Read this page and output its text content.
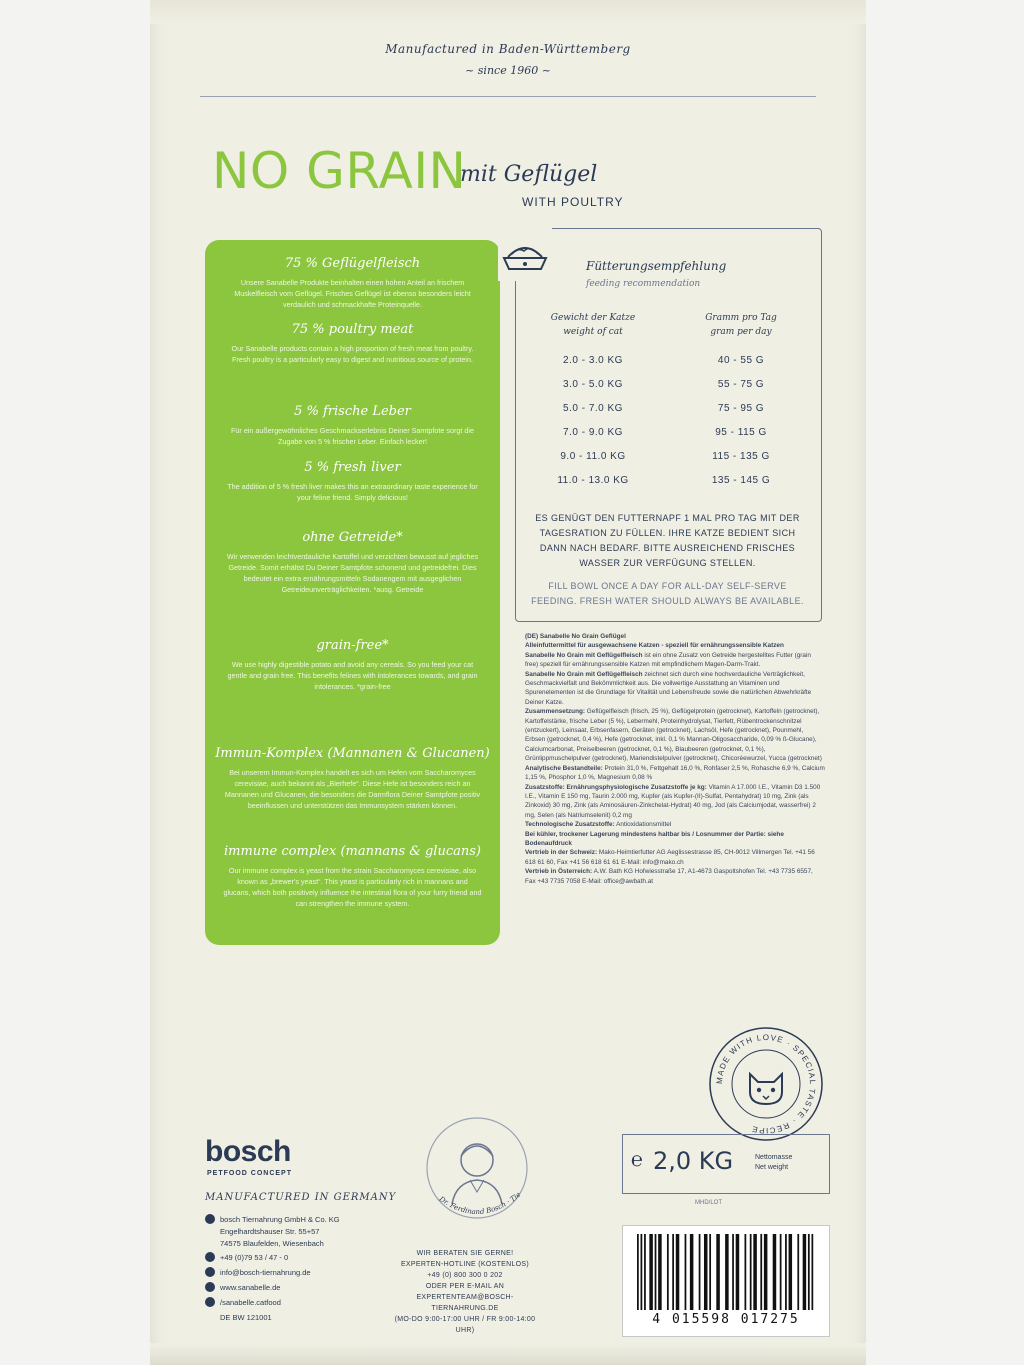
Manufactured in Baden-Württemberg
~ since 1960 ~
NO GRAIN
mit Geflügel
WITH POULTRY
75 % Geflügelfleisch
Unsere Sanabelle Produkte beinhalten einen hohen Anteil an frischem Muskelfleisch vom Geflügel. Frisches Geflügel ist ebenso besonders leicht verdaulich und schmackhafte Proteinquelle.
75 % poultry meat
Our Sanabelle products contain a high proportion of fresh meat from poultry. Fresh poultry is a particularly easy to digest and nutritious source of protein.
5 % frische Leber
Für ein außergewöhnliches Geschmackserlebnis Deiner Samtpfote sorgt die Zugabe von 5 % frischer Leber. Einfach lecker!
5 % fresh liver
The addition of 5 % fresh liver makes this an extraordinary taste experience for your feline friend. Simply delicious!
ohne Getreide*
Wir verwenden leichtverdauliche Kartoffel und verzichten bewusst auf jegliches Getreide. Somit erhältst Du Deiner Samtpfote schonend und getreidefrei. Dies bedeutet ein extra ernährungsmitteln Sodanengem mit ausgeglichen Getreideunverträglichkeiten. *ausg. Getreide
grain-free*
We use highly digestible potato and avoid any cereals. So you feed your cat gentle and grain free. This benefits felines with intolerances towards, and grain intolerances. *grain-free
Immun-Komplex (Mannanen & Glucanen)
Bei unserem Immun-Komplex handelt es sich um Hefen vom Saccharomyces cerevisiae, auch bekannt als „Bierhefe“. Diese Hefe ist besonders reich an Mannanen und Glucanen, die besonders die Darmflora Deiner Samtpfote positiv beeinflussen und unterstützen das Immunsystem stärken können.
immune complex (mannans & glucans)
Our immune complex is yeast from the strain Saccharomyces cerevisiae, also known as „brewer's yeast“. This yeast is particularly rich in mannans and glucans, which both positively influence the intestinal flora of your furry friend and can strengthen the immune system.
Fütterungsempfehlung
feeding recommendation
Gewicht der Katze
weight of cat
Gramm pro Tag
gram per day
2.0 - 3.0 KG	40 - 55 G
3.0 - 5.0 KG	55 - 75 G
5.0 - 7.0 KG	75 - 95 G
7.0 - 9.0 KG	95 - 115 G
9.0 - 11.0 KG	115 - 135 G
11.0 - 13.0 KG	135 - 145 G
ES GENÜGT DEN FUTTERNAPF 1 MAL PRO TAG MIT DER TAGESRATION ZU FÜLLEN. IHRE KATZE BEDIENT SICH DANN NACH BEDARF. BITTE AUSREICHEND FRISCHES WASSER ZUR VERFÜGUNG STELLEN.
FILL BOWL ONCE A DAY FOR ALL-DAY SELF-SERVE FEEDING. FRESH WATER SHOULD ALWAYS BE AVAILABLE.
(DE) Sanabelle No Grain Geflügel
Alleinfuttermittel für ausgewachsene Katzen - speziell für ernährungssensible Katzen
Sanabelle No Grain mit Geflügelfleisch ist ein ohne Zusatz von Getreide hergestelltes Futter (grain free) speziell für ernährungssensible Katzen mit empfindlichem Magen-Darm-Trakt.
Sanabelle No Grain mit Geflügelfleisch zeichnet sich durch eine hochverdauliche Verträglichkeit, Geschmackvielfalt und Bekömmlichkeit aus. Die vollwertige Ausstattung an Vitaminen und Spurenelementen ist die Grundlage für Vitalität und Lebensfreude sowie die natürlichen Abwehrkräfte Deiner Katze.
Zusammensetzung: Geflügelfleisch (frisch, 25 %), Geflügelprotein (getrocknet), Kartoffeln (getrocknet), Kartoffelstärke, frische Leber (5 %), Lebermehl, Proteinhydrolysat, Tierfett, Rübentrockenschnitzel (entzuckert), Leinsaat, Erbsenfasern, Geräten (getrocknet), Lachsöl, Hefe (getrocknet), Pounmehl, Erbsen (getrocknet, 0,4 %), Hefe (getrocknet, inkl. 0,1 % Mannan-Oligosaccharide, 0,09 % ß-Glucane), Calciumcarbonat, Preiselbeeren (getrocknet, 0,1 %), Blaubeeren (getrocknet, 0,1 %), Grünlippmuschelpulver (getrocknet), Mariendistelpulver (getrocknet), Chicoréewurzel, Yucca (getrocknet)
Analytische Bestandteile: Protein 31,0 %, Fettgehalt 16,0 %, Rohfaser 2,5 %, Rohasche 6,9 %, Calcium 1,15 %, Phosphor 1,0 %, Magnesium 0,08 %
Zusatzstoffe: Ernährungsphysiologische Zusatzstoffe je kg: Vitamin A 17.000 I.E., Vitamin D3 1.500 I.E., Vitamin E 150 mg, Taurin 2.000 mg, Kupfer (als Kupfer-(II)-Sulfat, Pentahydrat) 10 mg, Zink (als Zinkoxid) 30 mg, Zink (als Aminosäuren-Zinkchelat-Hydrat) 40 mg, Jod (als Calciumjodat, wasserfrei) 2 mg, Selen (als Natriumselenit) 0,2 mg
Technologische Zusatzstoffe: Antioxidationsmittel
Bei kühler, trockener Lagerung mindestens haltbar bis / Losnummer der Partie: siehe Bodenaufdruck
Vertrieb in der Schweiz: Mako-Heimtierfutter AG Aeglissestrasse 85, CH-9012 Villmergen Tel. +41 56 618 61 60, Fax +41 56 618 61 61 E-Mail: info@mako.ch
Vertrieb in Österreich: A.W. Bath KG Hofwiesstraße 17, A1-4673 Gaspoltshofen Tel. +43 7735 6557, Fax +43 7735 7058 E-Mail: office@awbath.at
MADE WITH LOVE · SPECIAL TASTE · RECIPE
bosch
PETFOOD CONCEPT
MANUFACTURED IN GERMANY
bosch Tiernahrung GmbH & Co. KG
Engelhardtshauser Str. 55+57
74575 Blaufelden, Wiesenbach
+49 (0)79 53 / 47 - 0
info@bosch-tiernahrung.de
www.sanabelle.de
/sanabelle.catfood
DE BW 121001
Dr. Ferdinand Bosch · Tie
WIR BERATEN SIE GERNE!
EXPERTEN-HOTLINE (KOSTENLOS)
+49 (0) 800 300 0 202
ODER PER E-MAIL AN
EXPERTENTEAM@BOSCH-TIERNAHRUNG.DE
(MO-DO 9:00-17:00 UHR / FR 9:00-14:00 UHR)
℮ 2,0 KG	Nettomasse
Net weight
MHD/LOT
4 015598 017275
